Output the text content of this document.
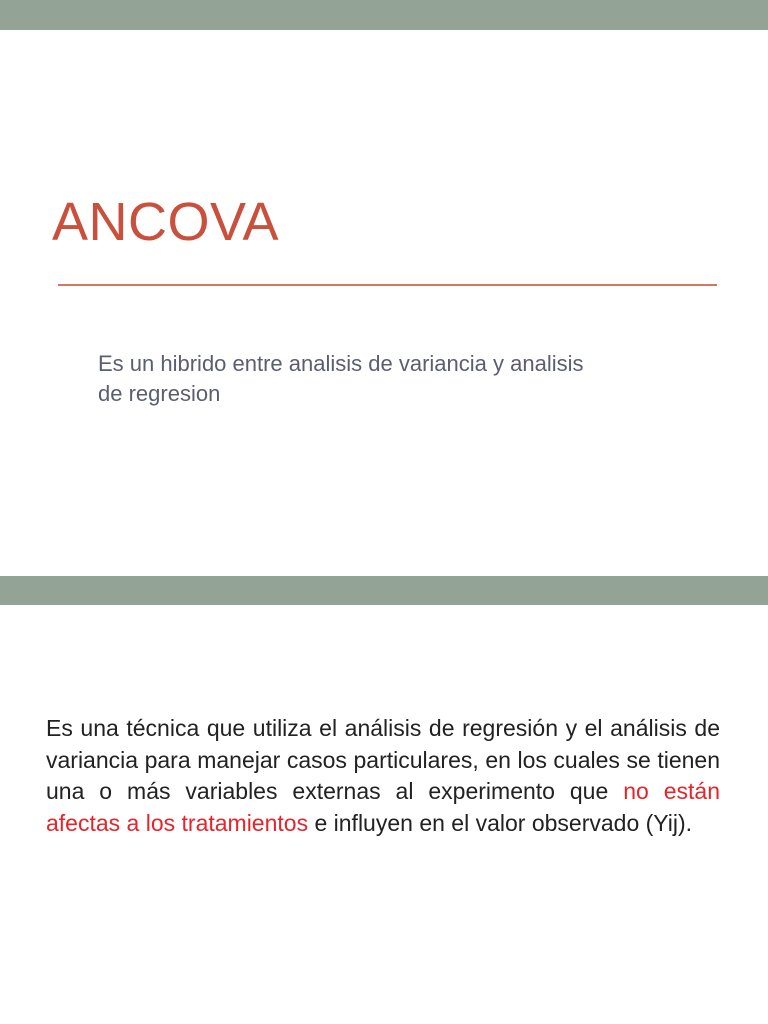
ANCOVA

Es un hibrido entre analisis de variancia y analisis de regresion

Es una técnica que utiliza el análisis de regresión y el análisis de variancia para manejar casos particulares, en los cuales se tienen una o más variables externas al experimento que no están afectas a los tratamientos e influyen en el valor observado (Yij).
